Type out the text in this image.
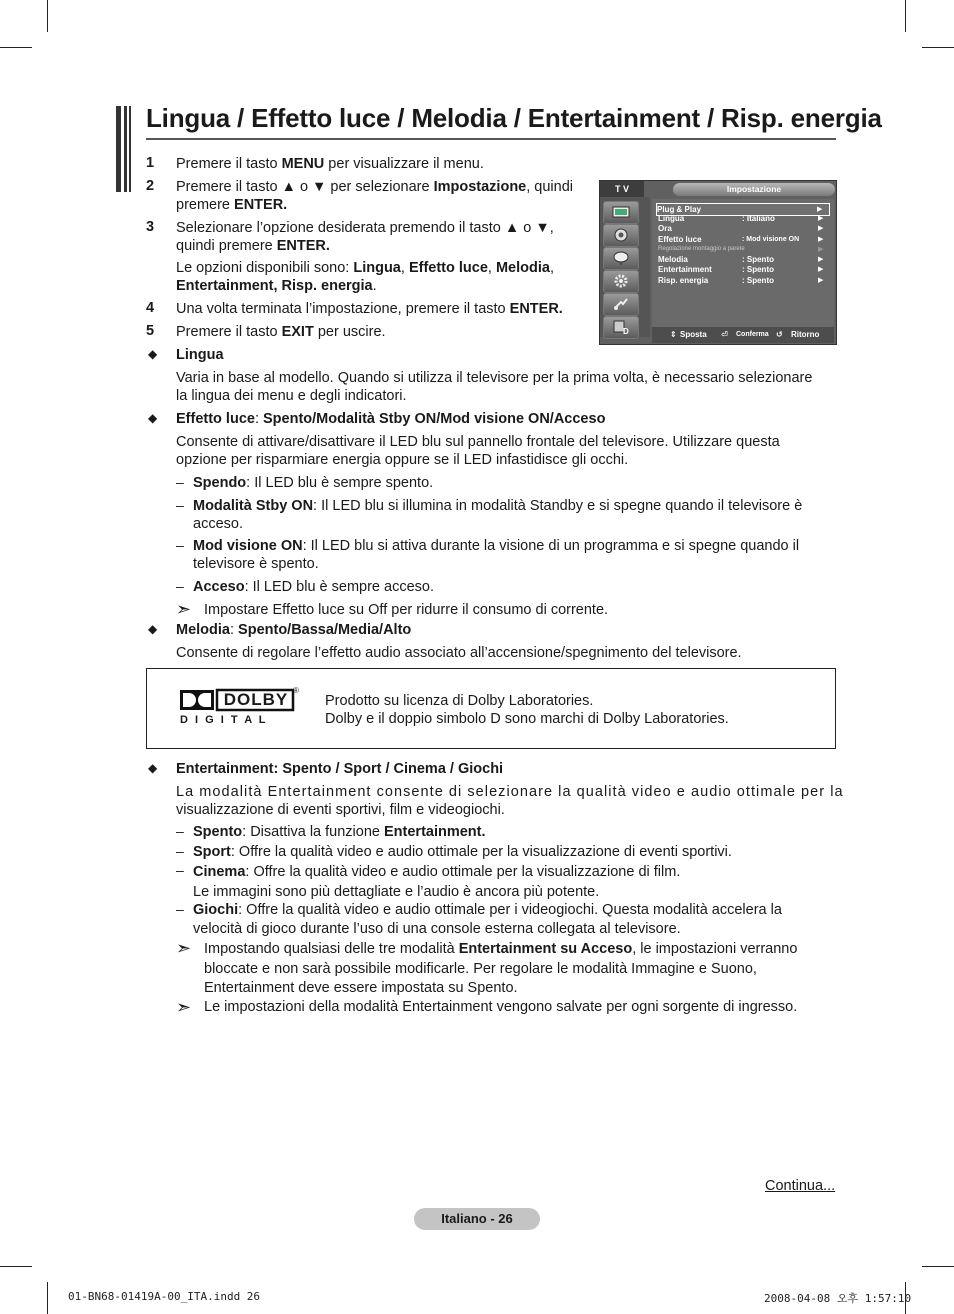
Lingua / Effetto luce / Melodia / Entertainment / Risp. energia
1 Premere il tasto MENU per visualizzare il menu.
2 Premere il tasto ▲ o ▼ per selezionare Impostazione, quindi
premere ENTER.
3 Selezionare l’opzione desiderata premendo il tasto ▲ o ▼,
quindi premere ENTER.
Le opzioni disponibili sono: Lingua, Effetto luce, Melodia,
Entertainment, Risp. energia.
4 Una volta terminata l’impostazione, premere il tasto ENTER.
5 Premere il tasto EXIT per uscire.
T V	Impostazione
D
Plug & Play	▶
Lingua	: Italiano	▶
Ora	▶
Effetto luce	: Mod visione ON	▶
Regolazione montaggio a parete	▶
Melodia	: Spento	▶
Entertainment	: Spento	▶
Risp. energia	: Spento	▶
⇕ Sposta ⏎ Conferma ↺ Ritorno
◆ Lingua
Varia in base al modello. Quando si utilizza il televisore per la prima volta, è necessario selezionare
la lingua dei menu e degli indicatori.
◆ Effetto luce: Spento/Modalità Stby ON/Mod visione ON/Acceso
Consente di attivare/disattivare il LED blu sul pannello frontale del televisore. Utilizzare questa
opzione per risparmiare energia oppure se il LED infastidisce gli occhi.
– Spendo: Il LED blu è sempre spento.
– Modalità Stby ON: Il LED blu si illumina in modalità Standby e si spegne quando il televisore è
acceso.
– Mod visione ON: Il LED blu si attiva durante la visione di un programma e si spegne quando il
televisore è spento.
– Acceso: Il LED blu è sempre acceso.
➣ Impostare Effetto luce su Off per ridurre il consumo di corrente.
◆ Melodia: Spento/Bassa/Media/Alto
Consente di regolare l’effetto audio associato all’accensione/spegnimento del televisore.
DOLBY ®
D I G I T A L
Prodotto su licenza di Dolby Laboratories.
Dolby e il doppio simbolo D sono marchi di Dolby Laboratories.
◆ Entertainment: Spento / Sport / Cinema / Giochi
La modalità Entertainment consente di selezionare la qualità video e audio ottimale per la
visualizzazione di eventi sportivi, film e videogiochi.
– Spento: Disattiva la funzione Entertainment.
– Sport: Offre la qualità video e audio ottimale per la visualizzazione di eventi sportivi.
– Cinema: Offre la qualità video e audio ottimale per la visualizzazione di film.
Le immagini sono più dettagliate e l’audio è ancora più potente.
– Giochi: Offre la qualità video e audio ottimale per i videogiochi. Questa modalità accelera la
velocità di gioco durante l’uso di una console esterna collegata al televisore.
➣ Impostando qualsiasi delle tre modalità Entertainment su Acceso, le impostazioni verranno
bloccate e non sarà possibile modificarle. Per regolare le modalità Immagine e Suono,
Entertainment deve essere impostata su Spento.
➣ Le impostazioni della modalità Entertainment vengono salvate per ogni sorgente di ingresso.
Continua...
Italiano - 26
01-BN68-01419A-00_ITA.indd 26	2008-04-08 오후 1:57:10
